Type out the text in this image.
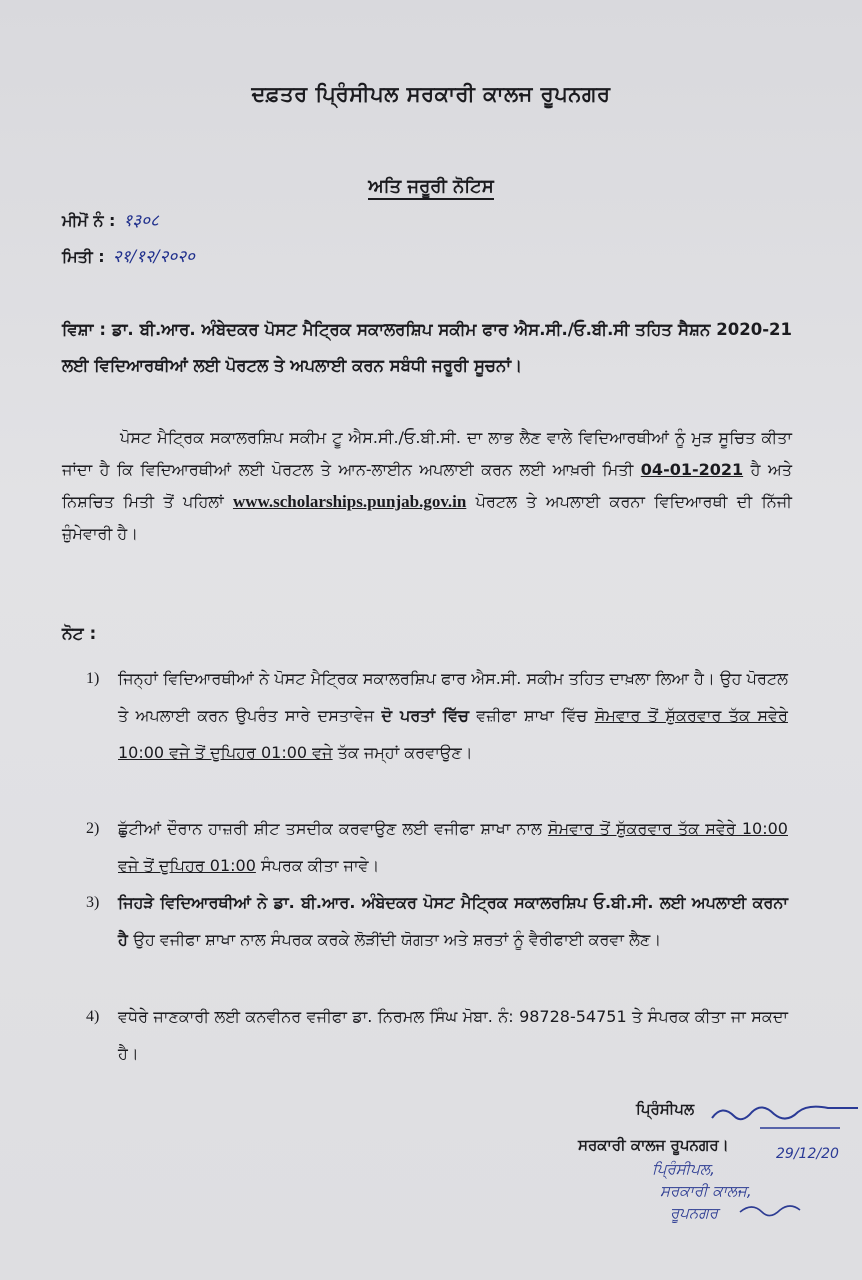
ਦਫ਼ਤਰ ਪ੍ਰਿੰਸੀਪਲ ਸਰਕਾਰੀ ਕਾਲਜ ਰੂਪਨਗਰ
ਅਤਿ ਜਰੂਰੀ ਨੋਟਿਸ
ਮੀਮੋਂ ਨੰ : १३०८
ਮਿਤੀ : २१/१२/२०२०
ਵਿਸ਼ਾ : ਡਾ. ਬੀ.ਆਰ. ਅੰਬੇਦਕਰ ਪੋਸਟ ਮੈਟ੍ਰਿਕ ਸਕਾਲਰਸ਼ਿਪ ਸਕੀਮ ਫਾਰ ਐਸ.ਸੀ./ਓ.ਬੀ.ਸੀ ਤਹਿਤ ਸੈਸ਼ਨ 2020-21 ਲਈ ਵਿਦਿਆਰਥੀਆਂ ਲਈ ਪੋਰਟਲ ਤੇ ਅਪਲਾਈ ਕਰਨ ਸਬੰਧੀ ਜਰੂਰੀ ਸੂਚਨਾਂ।
ਪੋਸਟ ਮੈਟ੍ਰਿਕ ਸਕਾਲਰਸ਼ਿਪ ਸਕੀਮ ਟੂ ਐਸ.ਸੀ./ਓ.ਬੀ.ਸੀ. ਦਾ ਲਾਭ ਲੈਣ ਵਾਲੇ ਵਿਦਿਆਰਥੀਆਂ ਨੂੰ ਮੁੜ ਸੂਚਿਤ ਕੀਤਾ ਜਾਂਦਾ ਹੈ ਕਿ ਵਿਦਿਆਰਥੀਆਂ ਲਈ ਪੋਰਟਲ ਤੇ ਆਨ-ਲਾਈਨ ਅਪਲਾਈ ਕਰਨ ਲਈ ਆਖ਼ਰੀ ਮਿਤੀ 04-01-2021 ਹੈ ਅਤੇ ਨਿਸ਼ਚਿਤ ਮਿਤੀ ਤੋਂ ਪਹਿਲਾਂ www.scholarships.punjab.gov.in ਪੋਰਟਲ ਤੇ ਅਪਲਾਈ ਕਰਨਾ ਵਿਦਿਆਰਥੀ ਦੀ ਨਿੱਜੀ ਜ਼ੁੰਮੇਵਾਰੀ ਹੈ।
ਨੋਟ :
1)	ਜਿਨ੍ਹਾਂ ਵਿਦਿਆਰਥੀਆਂ ਨੇ ਪੋਸਟ ਮੈਟ੍ਰਿਕ ਸਕਾਲਰਸ਼ਿਪ ਫਾਰ ਐਸ.ਸੀ. ਸਕੀਮ ਤਹਿਤ ਦਾਖ਼ਲਾ ਲਿਆ ਹੈ। ਉਹ ਪੋਰਟਲ ਤੇ ਅਪਲਾਈ ਕਰਨ ਉਪਰੰਤ ਸਾਰੇ ਦਸਤਾਵੇਜ ਦੋ ਪਰਤਾਂ ਵਿੱਚ ਵਜ਼ੀਫਾ ਸ਼ਾਖਾ ਵਿੱਚ ਸੋਮਵਾਰ ਤੋਂ ਸ਼ੁੱਕਰਵਾਰ ਤੱਕ ਸਵੇਰੇ 10:00 ਵਜੇ ਤੋਂ ਦੁਪਿਹਰ 01:00 ਵਜੇ ਤੱਕ ਜਮ੍ਹਾਂ ਕਰਵਾਉਣ।
2)	ਛੁੱਟੀਆਂ ਦੌਰਾਨ ਹਾਜ਼ਰੀ ਸ਼ੀਟ ਤਸਦੀਕ ਕਰਵਾਉਣ ਲਈ ਵਜੀਫਾ ਸ਼ਾਖਾ ਨਾਲ ਸੋਮਵਾਰ ਤੋਂ ਸ਼ੁੱਕਰਵਾਰ ਤੱਕ ਸਵੇਰੇ 10:00 ਵਜੇ ਤੋਂ ਦੁਪਿਹਰ 01:00 ਸੰਪਰਕ ਕੀਤਾ ਜਾਵੇ।
3)	ਜਿਹੜੇ ਵਿਦਿਆਰਥੀਆਂ ਨੇ ਡਾ. ਬੀ.ਆਰ. ਅੰਬੇਦਕਰ ਪੋਸਟ ਮੈਟ੍ਰਿਕ ਸਕਾਲਰਸ਼ਿਪ ਓ.ਬੀ.ਸੀ. ਲਈ ਅਪਲਾਈ ਕਰਨਾ ਹੈ ਉਹ ਵਜੀਫਾ ਸ਼ਾਖਾ ਨਾਲ ਸੰਪਰਕ ਕਰਕੇ ਲੋੜੀਂਦੀ ਯੋਗਤਾ ਅਤੇ ਸ਼ਰਤਾਂ ਨੂੰ ਵੈਰੀਫਾਈ ਕਰਵਾ ਲੈਣ।
4)	ਵਧੇਰੇ ਜਾਣਕਾਰੀ ਲਈ ਕਨਵੀਨਰ ਵਜੀਫਾ ਡਾ. ਨਿਰਮਲ ਸਿੰਘ ਮੋਬਾ. ਨੰ: 98728-54751 ਤੇ ਸੰਪਰਕ ਕੀਤਾ ਜਾ ਸਕਦਾ ਹੈ।
ਪ੍ਰਿੰਸੀਪਲ
ਸਰਕਾਰੀ ਕਾਲਜ ਰੂਪਨਗਰ।	29/12/20
ਪ੍ਰਿੰਸੀਪਲ,
ਸਰਕਾਰੀ ਕਾਲਜ,
ਰੂਪਨਗਰ
